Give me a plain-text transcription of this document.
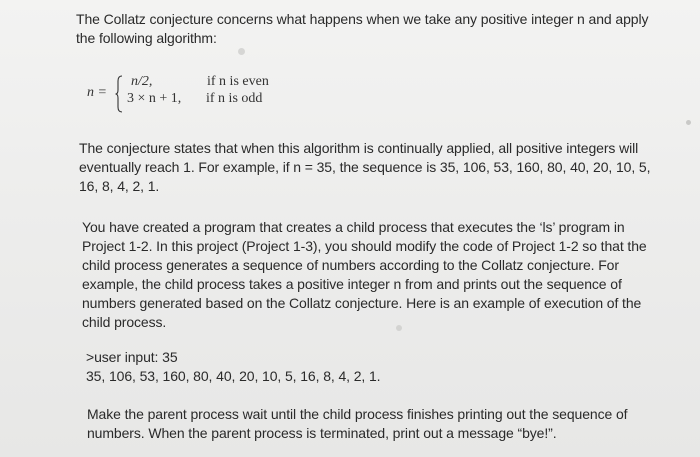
The Collatz conjecture concerns what happens when we take any positive integer n and apply
the following algorithm:

n =
n/2,	if n is even
3 × n + 1, if n is odd

The conjecture states that when this algorithm is continually applied, all positive integers will
eventually reach 1. For example, if n = 35, the sequence is 35, 106, 53, 160, 80, 40, 20, 10, 5,
16, 8, 4, 2, 1.

You have created a program that creates a child process that executes the ‘ls’ program in
Project 1-2. In this project (Project 1-3), you should modify the code of Project 1-2 so that the
child process generates a sequence of numbers according to the Collatz conjecture. For
example, the child process takes a positive integer n from and prints out the sequence of
numbers generated based on the Collatz conjecture. Here is an example of execution of the
child process.

>user input: 35
35, 106, 53, 160, 80, 40, 20, 10, 5, 16, 8, 4, 2, 1.

Make the parent process wait until the child process finishes printing out the sequence of
numbers. When the parent process is terminated, print out a message “bye!”.
